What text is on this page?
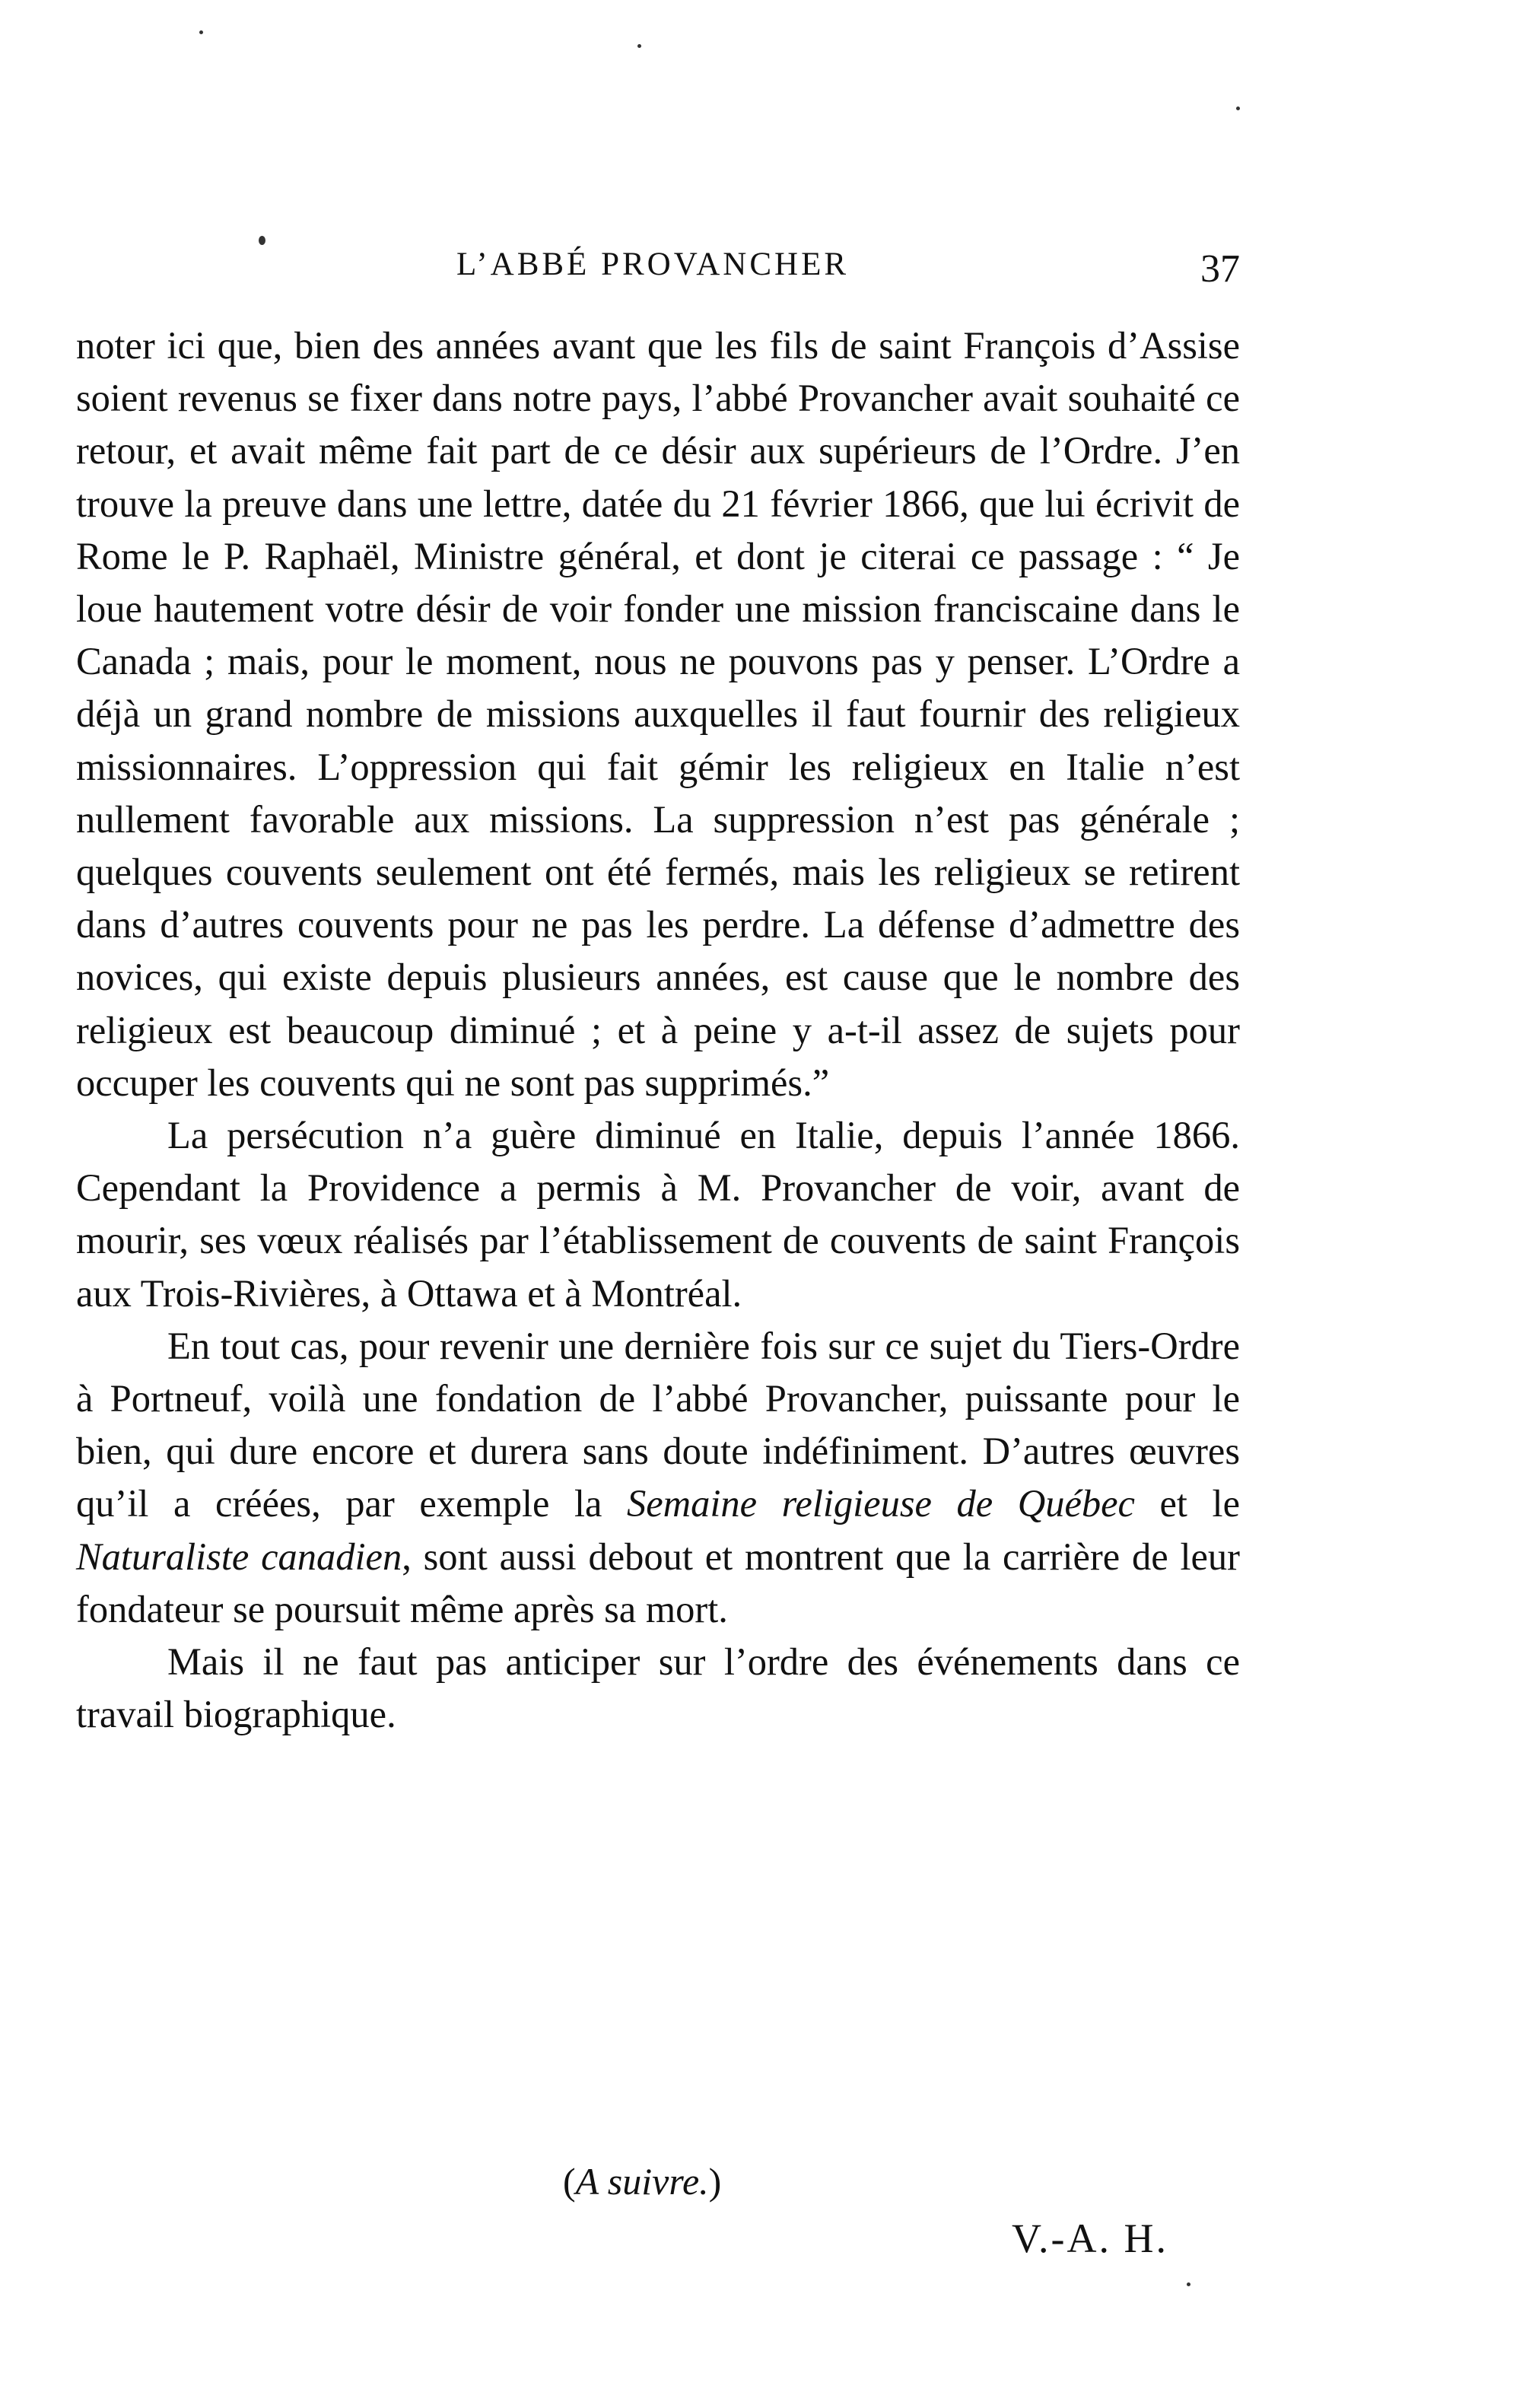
L’ABBÉ PROVANCHER	37

noter ici que, bien des années avant que les fils de saint François d’Assise soient revenus se fixer dans notre pays, l’abbé Provancher avait souhaité ce retour, et avait même fait part de ce désir aux supérieurs de l’Ordre. J’en trouve la preuve dans une lettre, datée du 21 février 1866, que lui écrivit de Rome le P. Raphaël, Ministre général, et dont je citerai ce passage : “ Je loue hautement votre désir de voir fonder une mission franciscaine dans le Canada ; mais, pour le moment, nous ne pouvons pas y penser. L’Ordre a déjà un grand nombre de missions auxquelles il faut fournir des religieux missionnaires. L’oppression qui fait gémir les religieux en Italie n’est nullement favorable aux missions. La suppression n’est pas générale ; quelques couvents seulement ont été fermés, mais les religieux se retirent dans d’autres couvents pour ne pas les perdre. La défense d’admettre des novices, qui existe depuis plusieurs années, est cause que le nombre des religieux est beaucoup diminué ; et à peine y a-t-il assez de sujets pour occuper les couvents qui ne sont pas supprimés.”

La persécution n’a guère diminué en Italie, depuis l’année 1866. Cependant la Providence a permis à M. Provancher de voir, avant de mourir, ses vœux réalisés par l’établissement de couvents de saint François aux Trois-Rivières, à Ottawa et à Montréal.

En tout cas, pour revenir une dernière fois sur ce sujet du Tiers-Ordre à Portneuf, voilà une fondation de l’abbé Provancher, puissante pour le bien, qui dure encore et durera sans doute indéfiniment. D’autres œuvres qu’il a créées, par exemple la Semaine religieuse de Québec et le Naturaliste canadien, sont aussi debout et montrent que la carrière de leur fondateur se poursuit même après sa mort.

Mais il ne faut pas anticiper sur l’ordre des événements dans ce travail biographique.

(A suivre.)
V.-A. H.
